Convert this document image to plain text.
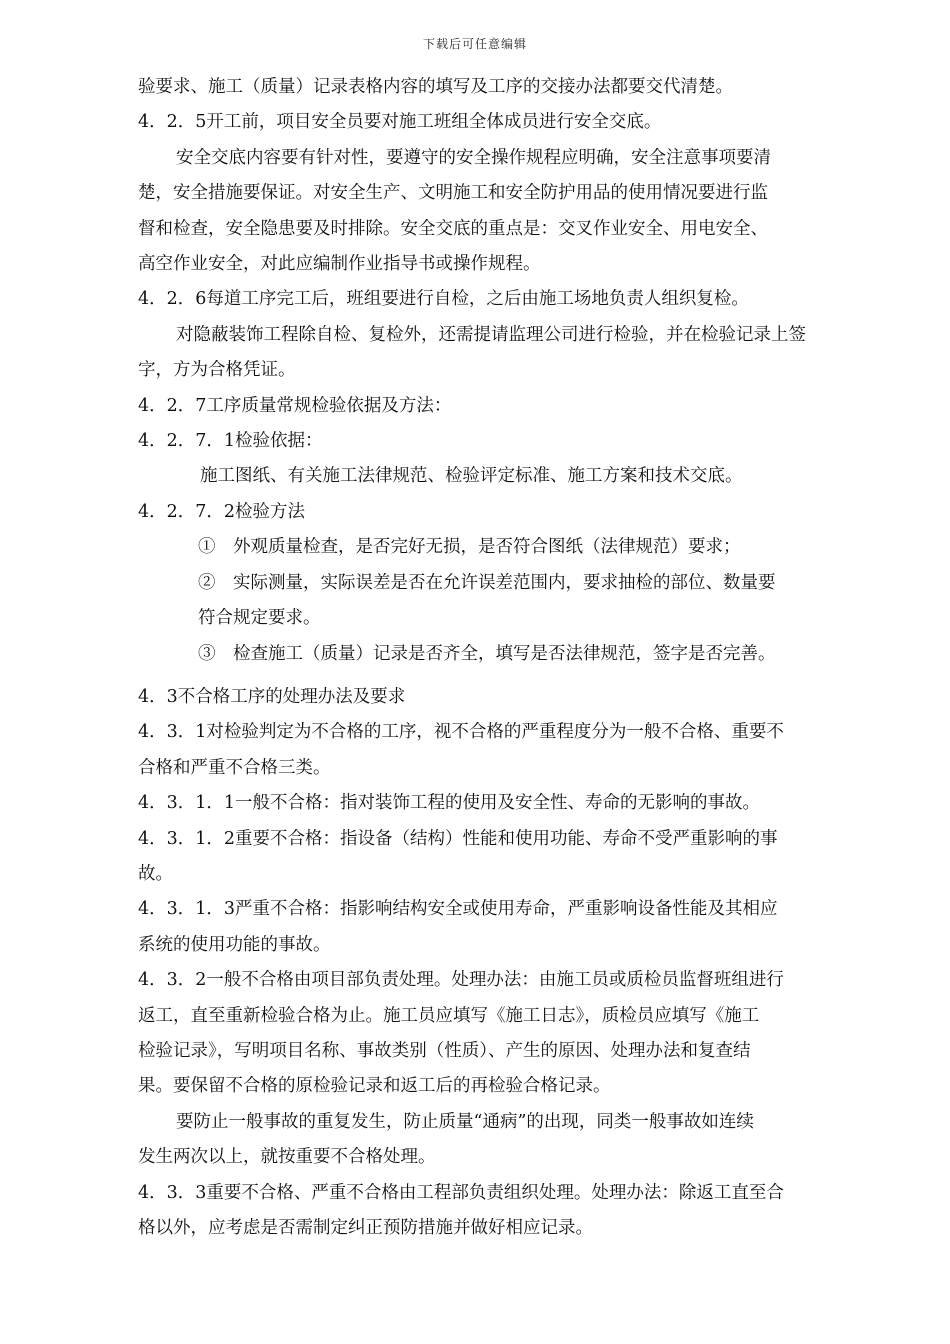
下载后可任意编辑
验要求、施工（质量）记录表格内容的填写及工序的交接办法都要交代清楚。
4．2．5开工前，项目安全员要对施工班组全体成员进行安全交底。
安全交底内容要有针对性，要遵守的安全操作规程应明确，安全注意事项要清
楚，安全措施要保证。对安全生产、文明施工和安全防护用品的使用情况要进行监
督和检查，安全隐患要及时排除。安全交底的重点是：交叉作业安全、用电安全、
高空作业安全，对此应编制作业指导书或操作规程。
4．2．6每道工序完工后，班组要进行自检，之后由施工场地负责人组织复检。
对隐蔽装饰工程除自检、复检外，还需提请监理公司进行检验，并在检验记录上签
字，方为合格凭证。
4．2．7工序质量常规检验依据及方法：
4．2．7．1检验依据：
施工图纸、有关施工法律规范、检验评定标准、施工方案和技术交底。
4．2．7．2检验方法
①　外观质量检查，是否完好无损，是否符合图纸（法律规范）要求；
②　实际测量，实际误差是否在允许误差范围内，要求抽检的部位、数量要
符合规定要求。
③　检查施工（质量）记录是否齐全，填写是否法律规范，签字是否完善。
4．3不合格工序的处理办法及要求
4．3．1对检验判定为不合格的工序，视不合格的严重程度分为一般不合格、重要不
合格和严重不合格三类。
4．3．1．1一般不合格：指对装饰工程的使用及安全性、寿命的无影响的事故。
4．3．1．2重要不合格：指设备（结构）性能和使用功能、寿命不受严重影响的事
故。
4．3．1．3严重不合格：指影响结构安全或使用寿命，严重影响设备性能及其相应
系统的使用功能的事故。
4．3．2一般不合格由项目部负责处理。处理办法：由施工员或质检员监督班组进行
返工，直至重新检验合格为止。施工员应填写《施工日志》，质检员应填写《施工
检验记录》，写明项目名称、事故类别（性质）、产生的原因、处理办法和复查结
果。要保留不合格的原检验记录和返工后的再检验合格记录。
要防止一般事故的重复发生，防止质量“通病”的出现，同类一般事故如连续
发生两次以上，就按重要不合格处理。
4．3．3重要不合格、严重不合格由工程部负责组织处理。处理办法：除返工直至合
格以外，应考虑是否需制定纠正预防措施并做好相应记录。
